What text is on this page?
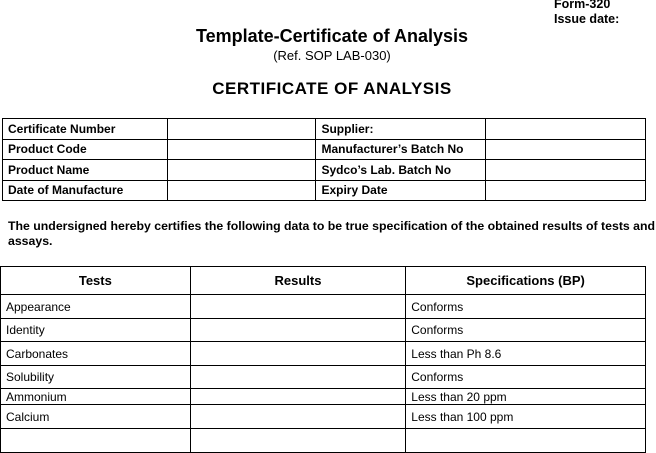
Form-320
Issue date:
Template-Certificate of Analysis
(Ref. SOP LAB-030)
CERTIFICATE OF ANALYSIS
Certificate Number		Supplier:	
Product Code		Manufacturer’s Batch No	
Product Name		Sydco’s Lab. Batch No	
Date of Manufacture		Expiry Date	
The undersigned hereby certifies the following data to be true specification of the obtained results of tests and assays.
Tests	Results	Specifications (BP)
Appearance		Conforms
Identity		Conforms
Carbonates		Less than Ph 8.6
Solubility		Conforms
Ammonium		Less than 20 ppm
Calcium		Less than 100 ppm
